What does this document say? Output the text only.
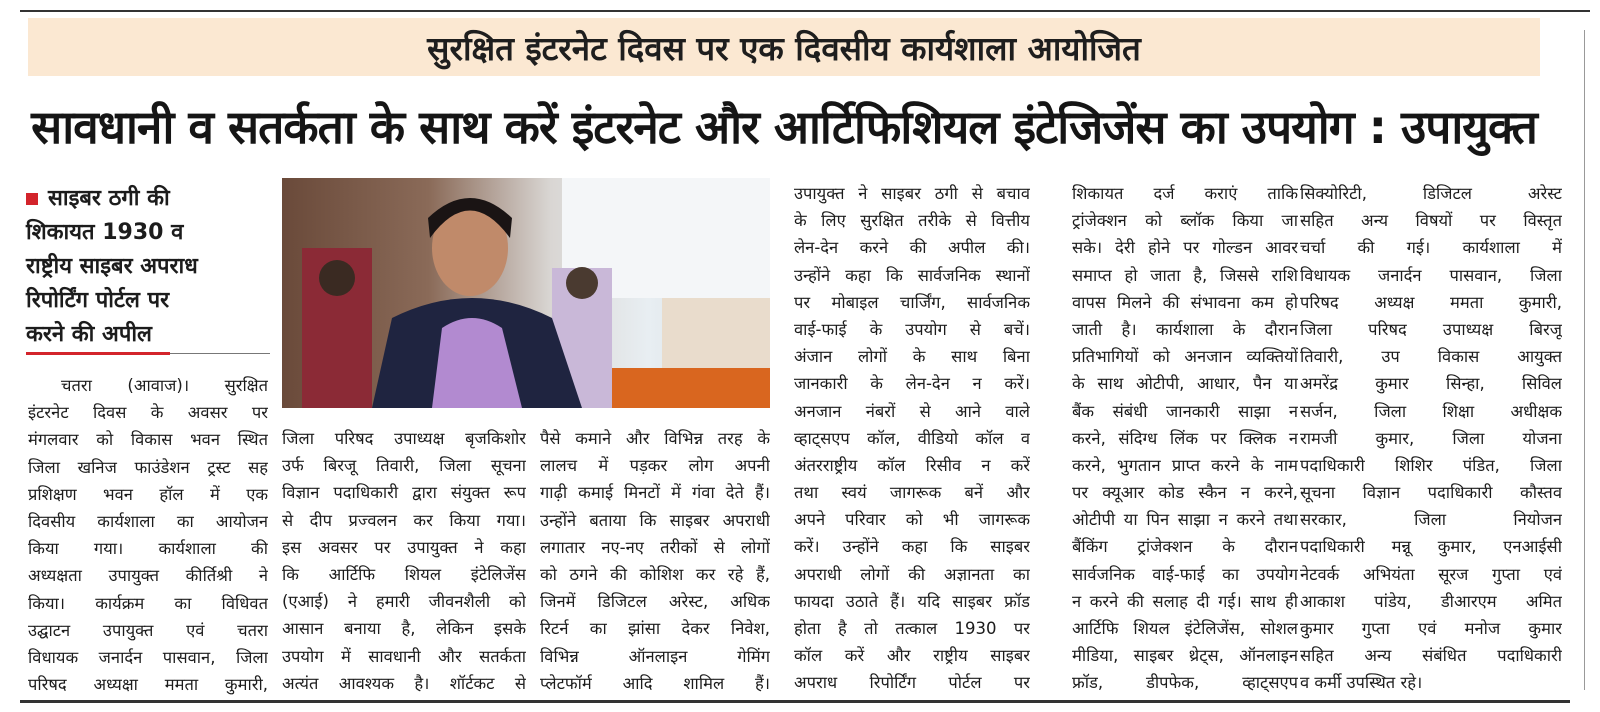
सुरक्षित इंटरनेट दिवस पर एक दिवसीय कार्यशाला आयोजित
सावधानी व सतर्कता के साथ करें इंटरनेट और आर्टिफिशियल इंटेजिजेंस का उपयोग : उपायुक्त
साइबर ठगी की
शिकायत 1930 व
राष्ट्रीय साइबर अपराध
रिपोर्टिंग पोर्टल पर
करने की अपील
चतरा (आवाज)। सुरक्षित
इंटरनेट दिवस के अवसर पर
मंगलवार को विकास भवन स्थित
जिला खनिज फाउंडेशन ट्रस्ट सह
प्रशिक्षण भवन हॉल में एक
दिवसीय कार्यशाला का आयोजन
किया गया। कार्यशाला की
अध्यक्षता उपायुक्त कीर्तिश्री ने
किया। कार्यक्रम का विधिवत
उद्घाटन उपायुक्त एवं चतरा
विधायक जनार्दन पासवान, जिला
परिषद अध्यक्षा ममता कुमारी,
जिला परिषद उपाध्यक्ष बृजकिशोर
उर्फ बिरजू तिवारी, जिला सूचना
विज्ञान पदाधिकारी द्वारा संयुक्त रूप
से दीप प्रज्वलन कर किया गया।
इस अवसर पर उपायुक्त ने कहा
कि आर्टिफि शियल इंटेलिजेंस
(एआई) ने हमारी जीवनशैली को
आसान बनाया है, लेकिन इसके
उपयोग में सावधानी और सतर्कता
अत्यंत आवश्यक है। शॉर्टकट से
पैसे कमाने और विभिन्न तरह के
लालच में पड़कर लोग अपनी
गाढ़ी कमाई मिनटों में गंवा देते हैं।
उन्होंने बताया कि साइबर अपराधी
लगातार नए-नए तरीकों से लोगों
को ठगने की कोशिश कर रहे हैं,
जिनमें डिजिटल अरेस्ट, अधिक
रिटर्न का झांसा देकर निवेश,
विभिन्न ऑनलाइन गेमिंग
प्लेटफॉर्म आदि शामिल हैं।
उपायुक्त ने साइबर ठगी से बचाव
के लिए सुरक्षित तरीके से वित्तीय
लेन-देन करने की अपील की।
उन्होंने कहा कि सार्वजनिक स्थानों
पर मोबाइल चार्जिंग, सार्वजनिक
वाई-फाई के उपयोग से बचें।
अंजान लोगों के साथ बिना
जानकारी के लेन-देन न करें।
अनजान नंबरों से आने वाले
व्हाट्सएप कॉल, वीडियो कॉल व
अंतरराष्ट्रीय कॉल रिसीव न करें
तथा स्वयं जागरूक बनें और
अपने परिवार को भी जागरूक
करें। उन्होंने कहा कि साइबर
अपराधी लोगों की अज्ञानता का
फायदा उठाते हैं। यदि साइबर फ्रॉड
होता है तो तत्काल 1930 पर
कॉल करें और राष्ट्रीय साइबर
अपराध रिपोर्टिंग पोर्टल पर
शिकायत दर्ज कराएं ताकि
ट्रांजेक्शन को ब्लॉक किया जा
सके। देरी होने पर गोल्डन आवर
समाप्त हो जाता है, जिससे राशि
वापस मिलने की संभावना कम हो
जाती है। कार्यशाला के दौरान
प्रतिभागियों को अनजान व्यक्तियों
के साथ ओटीपी, आधार, पैन या
बैंक संबंधी जानकारी साझा न
करने, संदिग्ध लिंक पर क्लिक न
करने, भुगतान प्राप्त करने के नाम
पर क्यूआर कोड स्कैन न करने,
ओटीपी या पिन साझा न करने तथा
बैंकिंग ट्रांजेक्शन के दौरान
सार्वजनिक वाई-फाई का उपयोग
न करने की सलाह दी गई। साथ ही
आर्टिफि शियल इंटेलिजेंस, सोशल
मीडिया, साइबर थ्रेट्स, ऑनलाइन
फ्रॉड, डीपफेक, व्हाट्सएप
सिक्योरिटी, डिजिटल अरेस्ट
सहित अन्य विषयों पर विस्तृत
चर्चा की गई। कार्यशाला में
विधायक जनार्दन पासवान, जिला
परिषद अध्यक्ष ममता कुमारी,
जिला परिषद उपाध्यक्ष बिरजू
तिवारी, उप विकास आयुक्त
अमरेंद्र कुमार सिन्हा, सिविल
सर्जन, जिला शिक्षा अधीक्षक
रामजी कुमार, जिला योजना
पदाधिकारी शिशिर पंडित, जिला
सूचना विज्ञान पदाधिकारी कौस्तव
सरकार, जिला नियोजन
पदाधिकारी मन्नू कुमार, एनआईसी
नेटवर्क अभियंता सूरज गुप्ता एवं
आकाश पांडेय, डीआरएम अमित
कुमार गुप्ता एवं मनोज कुमार
सहित अन्य संबंधित पदाधिकारी
व कर्मी उपस्थित रहे।
